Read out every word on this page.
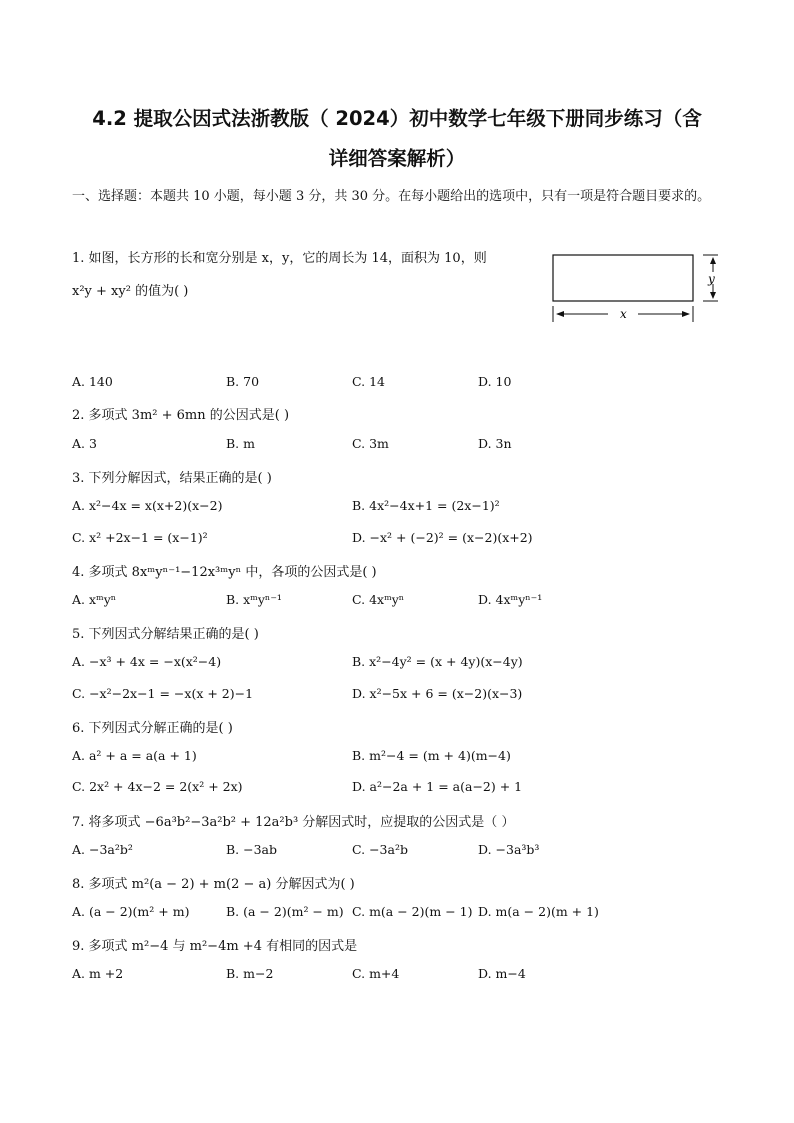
4.2 提取公因式法浙教版（ 2024）初中数学七年级下册同步练习（含
详细答案解析）
一、选择题：本题共 10 小题，每小题 3 分，共 30 分。在每小题给出的选项中，只有一项是符合题目要求的。
1. 如图，长方形的长和宽分别是 x，y，它的周长为 14，面积为 10，则
x²y + xy² 的值为( )
y
x
A. 140	B. 70	C. 14	D. 10
2. 多项式 3m² + 6mn 的公因式是( )
A. 3	B. m	C. 3m	D. 3n
3. 下列分解因式，结果正确的是( )
A. x²−4x = x(x+2)(x−2)	B. 4x²−4x+1 = (2x−1)²
C. x² +2x−1 = (x−1)²	D. −x² + (−2)² = (x−2)(x+2)
4. 多项式 8xᵐyⁿ⁻¹−12x³ᵐyⁿ 中，各项的公因式是( )
A. xᵐyⁿ	B. xᵐyⁿ⁻¹	C. 4xᵐyⁿ	D. 4xᵐyⁿ⁻¹
5. 下列因式分解结果正确的是( )
A. −x³ + 4x = −x(x²−4)	B. x²−4y² = (x + 4y)(x−4y)
C. −x²−2x−1 = −x(x + 2)−1	D. x²−5x + 6 = (x−2)(x−3)
6. 下列因式分解正确的是( )
A. a² + a = a(a + 1)	B. m²−4 = (m + 4)(m−4)
C. 2x² + 4x−2 = 2(x² + 2x)	D. a²−2a + 1 = a(a−2) + 1
7. 将多项式 −6a³b²−3a²b² + 12a²b³ 分解因式时，应提取的公因式是（ ）
A. −3a²b²	B. −3ab	C. −3a²b	D. −3a³b³
8. 多项式 m²(a − 2) + m(2 − a) 分解因式为( )
A. (a − 2)(m² + m)	B. (a − 2)(m² − m) C. m(a − 2)(m − 1) D. m(a − 2)(m + 1)
9. 多项式 m²−4 与 m²−4m +4 有相同的因式是
A. m +2	B. m−2	C. m+4	D. m−4
